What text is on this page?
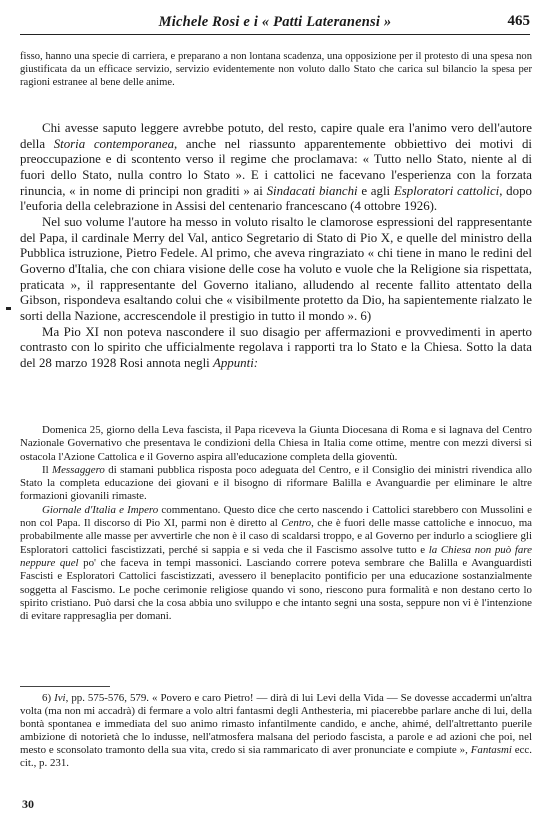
Michele Rosi e i « Patti Lateranensi »	465

fisso, hanno una specie di carriera, e preparano a non lontana scadenza, una opposizione per il protesto di una spesa non giustificata da un efficace servizio, servizio evidentemente non voluto dallo Stato che carica sul bilancio la spesa per ragioni estranee al bene delle anime.

Chi avesse saputo leggere avrebbe potuto, del resto, capire quale era l'animo vero dell'autore della Storia contemporanea, anche nel riassunto apparentemente obbiettivo dei motivi di preoccupazione e di scontento verso il regime che proclamava: « Tutto nello Stato, niente al di fuori dello Stato, nulla contro lo Stato ». E i cattolici ne facevano l'esperienza con la forzata rinuncia, « in nome di principi non graditi » ai Sindacati bianchi e agli Esploratori cattolici, dopo l'euforia della celebrazione in Assisi del centenario francescano (4 ottobre 1926).

Nel suo volume l'autore ha messo in voluto risalto le clamorose espressioni del rappresentante del Papa, il cardinale Merry del Val, antico Segretario di Stato di Pio X, e quelle del ministro della Pubblica istruzione, Pietro Fedele. Al primo, che aveva ringraziato « chi tiene in mano le redini del Governo d'Italia, che con chiara visione delle cose ha voluto e vuole che la Religione sia rispettata, praticata », il rappresentante del Governo italiano, alludendo al recente fallito attentato della Gibson, rispondeva esaltando colui che « visibilmente protetto da Dio, ha sapientemente rialzato le sorti della Nazione, accrescendole il prestigio in tutto il mondo ». 6)

Ma Pio XI non poteva nascondere il suo disagio per affermazioni e provvedimenti in aperto contrasto con lo spirito che ufficialmente regolava i rapporti tra lo Stato e la Chiesa. Sotto la data del 28 marzo 1928 Rosi annota negli Appunti:

Domenica 25, giorno della Leva fascista, il Papa riceveva la Giunta Diocesana di Roma e si lagnava del Centro Nazionale Governativo che presentava le condizioni della Chiesa in Italia come ottime, mentre con mezzi diversi si ostacola l'Azione Cattolica e il Governo aspira all'educazione completa della gioventù.

Il Messaggero di stamani pubblica risposta poco adeguata del Centro, e il Consiglio dei ministri rivendica allo Stato la completa educazione dei giovani e il bisogno di riformare Balilla e Avanguardie per eliminare le altre formazioni giovanili rimaste.

Giornale d'Italia e Impero commentano. Questo dice che certo nascendo i Cattolici starebbero con Mussolini e non col Papa. Il discorso di Pio XI, parmi non è diretto al Centro, che è fuori delle masse cattoliche e innocuo, ma probabilmente alle masse per avvertirle che non è il caso di scaldarsi troppo, e al Governo per indurlo a sciogliere gli Esploratori cattolici fascistizzati, perché si sappia e si veda che il Fascismo assolve tutto e la Chiesa non può fare neppure quel po' che faceva in tempi massonici. Lasciando correre poteva sembrare che Balilla e Avanguardisti Fascisti e Esploratori Cattolici fascistizzati, avessero il beneplacito pontificio per una educazione sostanzialmente soggetta al Fascismo. Le poche cerimonie religiose quando vi sono, riescono pura formalità e non destano certo lo spirito cristiano. Può darsi che la cosa abbia uno sviluppo e che intanto segni una sosta, seppure non vi è l'intenzione di evitare rappresaglia per domani.

6) Ivi, pp. 575-576, 579. « Povero e caro Pietro! — dirà di lui Levi della Vida — Se dovesse accadermi un'altra volta (ma non mi accadrà) di fermare a volo altri fantasmi degli Anthesteria, mi piacerebbe parlare anche di lui, della bontà spontanea e immediata del suo animo rimasto infantilmente candido, e anche, ahimé, dell'altrettanto puerile ambizione di notorietà che lo indusse, nell'atmosfera malsana del periodo fascista, a parole e ad azioni che poi, nel mesto e sconsolato tramonto della sua vita, credo si sia rammaricato di aver pronunciate e compiute », Fantasmi ecc. cit., p. 231.

30
